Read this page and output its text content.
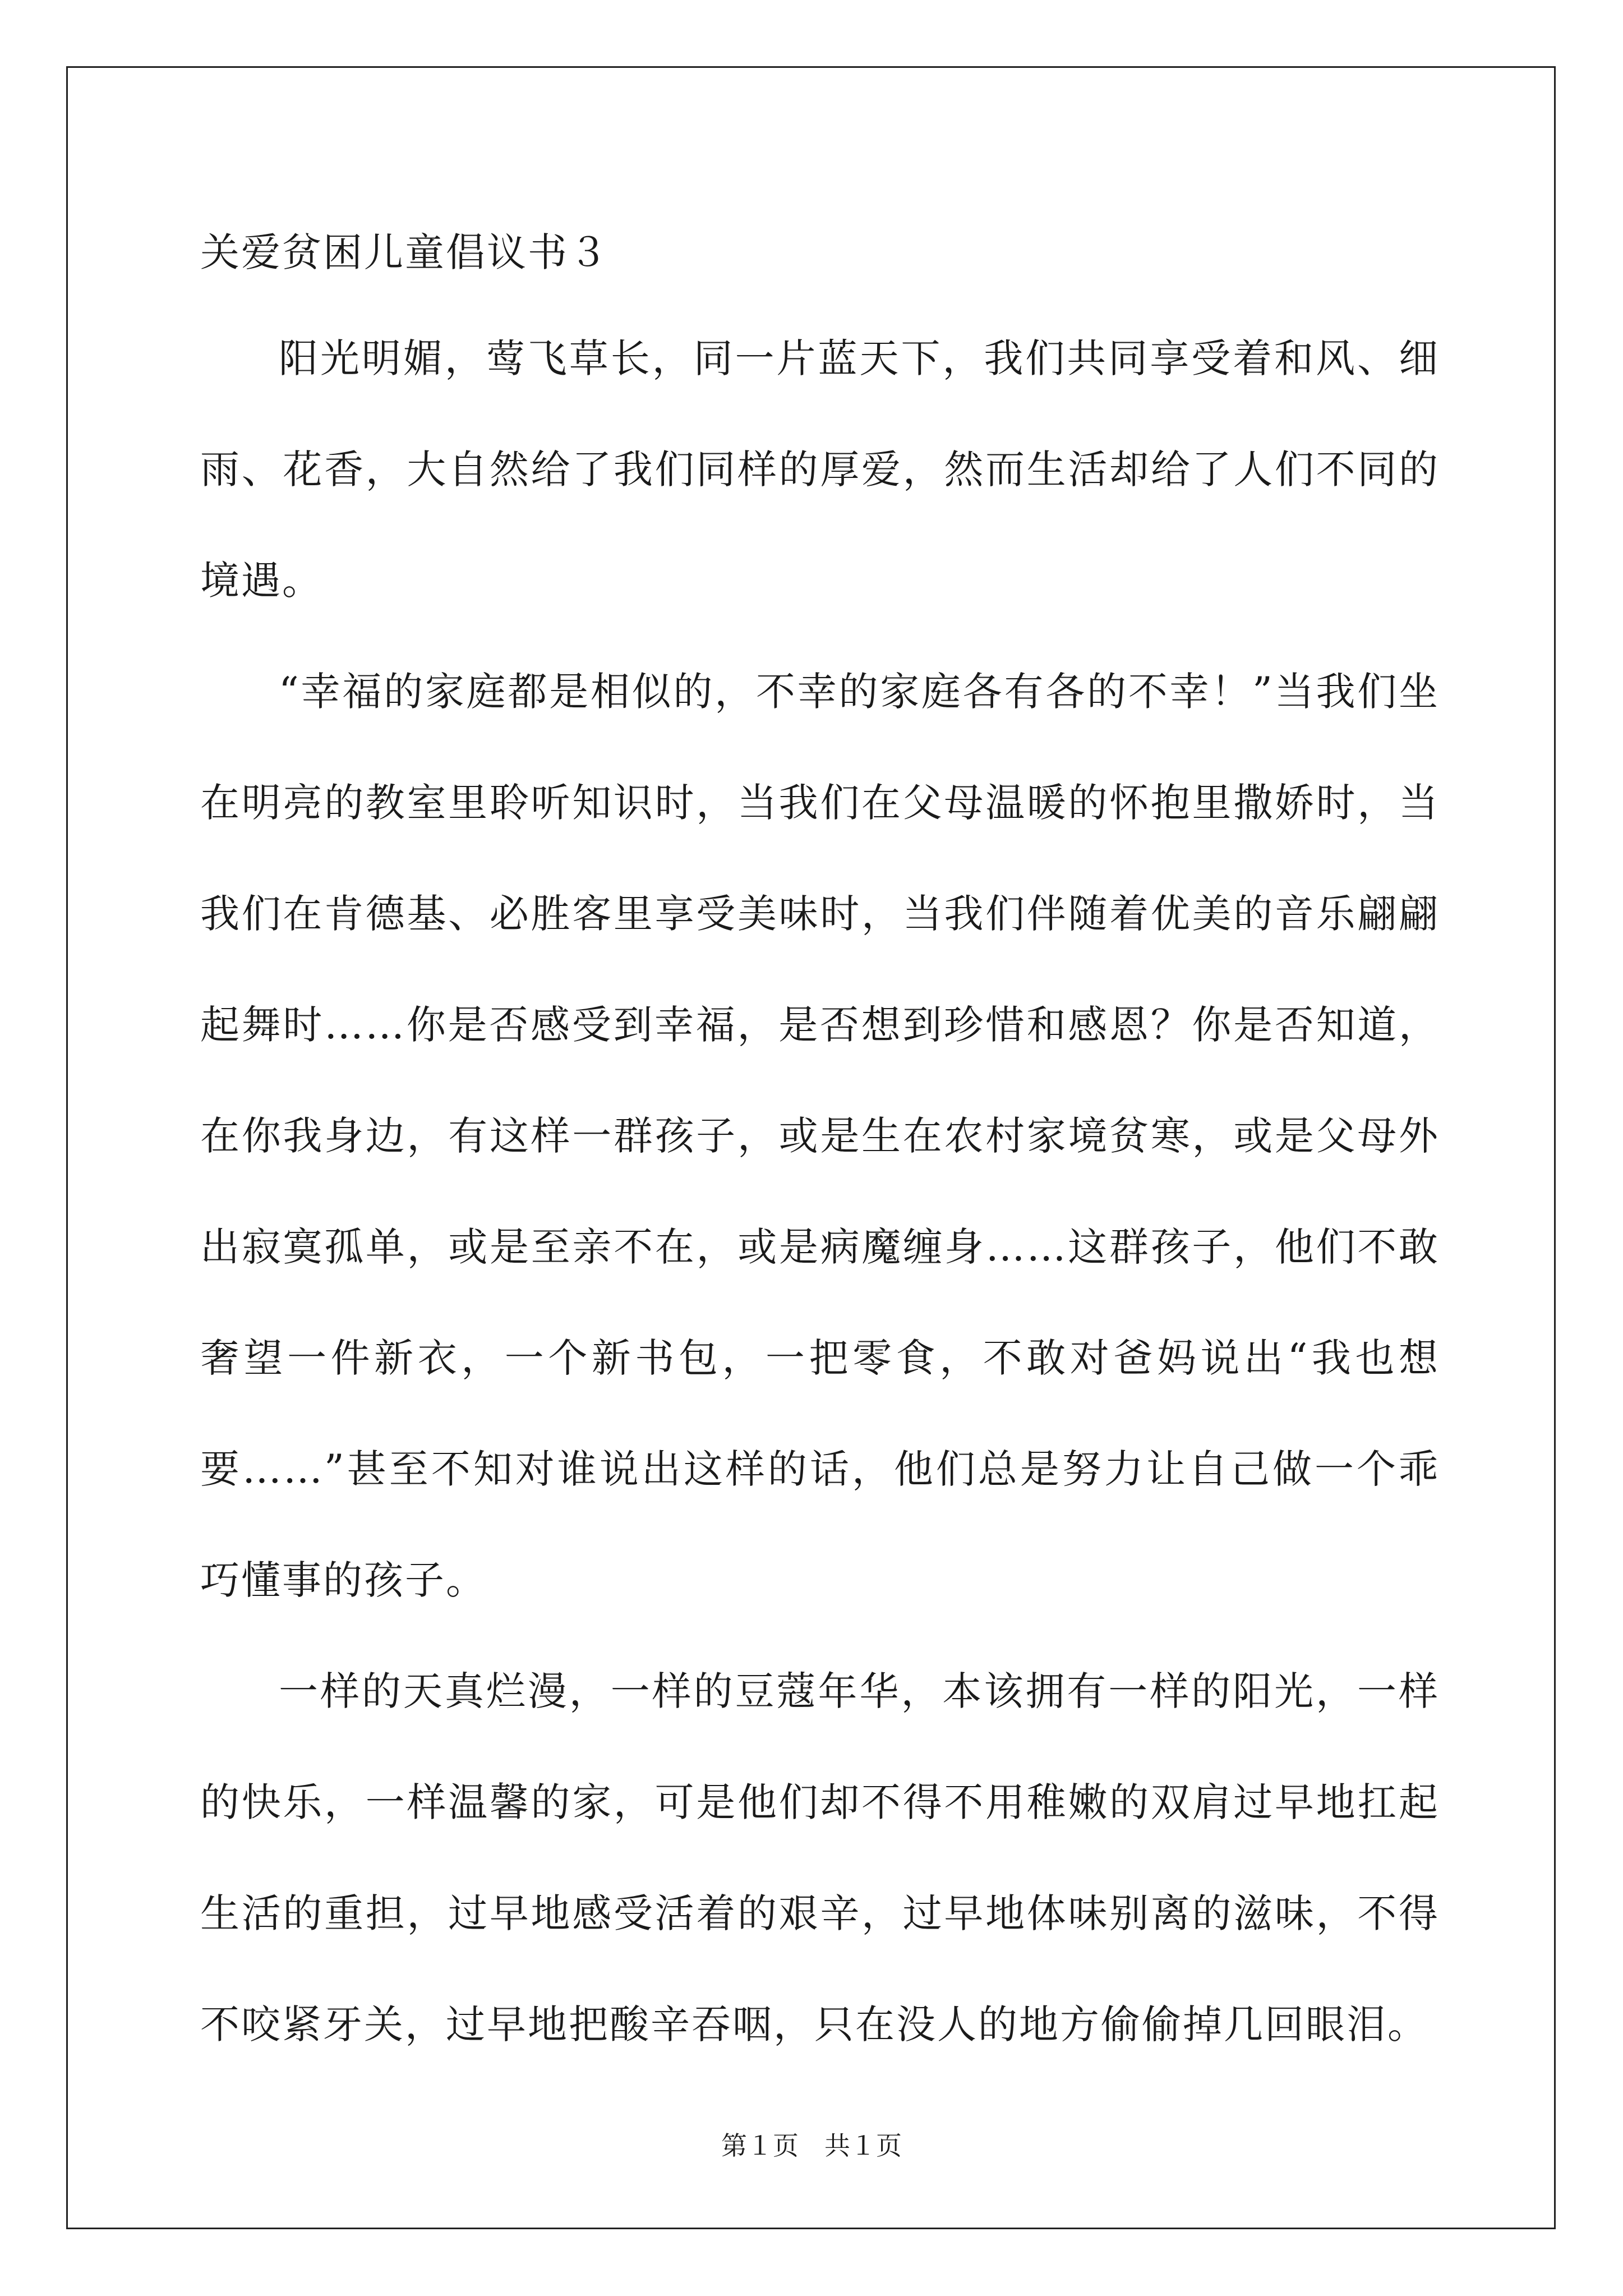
关爱贫困儿童倡议书３

阳光明媚，莺飞草长，同一片蓝天下，我们共同享受着和风、细雨、花香，大自然给了我们同样的厚爱，然而生活却给了人们不同的境遇。

“幸福的家庭都是相似的，不幸的家庭各有各的不幸！”当我们坐在明亮的教室里聆听知识时，当我们在父母温暖的怀抱里撒娇时，当我们在肯德基、必胜客里享受美味时，当我们伴随着优美的音乐翩翩起舞时……你是否感受到幸福，是否想到珍惜和感恩？你是否知道，在你我身边，有这样一群孩子，或是生在农村家境贫寒，或是父母外出寂寞孤单，或是至亲不在，或是病魔缠身……这群孩子，他们不敢奢望一件新衣，一个新书包，一把零食，不敢对爸妈说出“我也想要……”甚至不知对谁说出这样的话，他们总是努力让自己做一个乖巧懂事的孩子。

一样的天真烂漫，一样的豆蔻年华，本该拥有一样的阳光，一样的快乐，一样温馨的家，可是他们却不得不用稚嫩的双肩过早地扛起生活的重担，过早地感受活着的艰辛，过早地体味别离的滋味，不得不咬紧牙关，过早地把酸辛吞咽，只在没人的地方偷偷掉几回眼泪。

第１页　共１页
